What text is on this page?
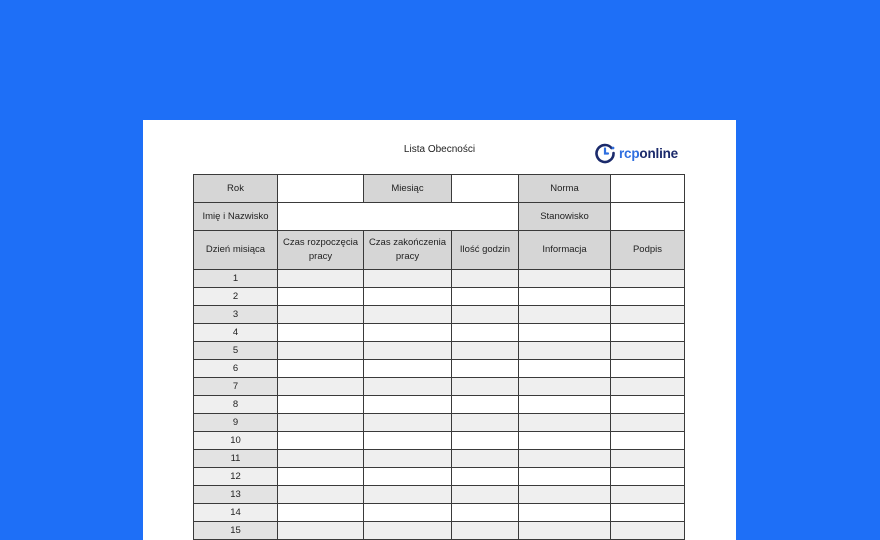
Lista Obecności	rcponline
Rok		Miesiąc		Norma	
Imię i Nazwisko				Stanowisko	
Dzień misiąca	Czas rozpoczęcia pracy	Czas zakończenia pracy	Ilość godzin	Informacja	Podpis
1					
2					
3					
4					
5					
6					
7					
8					
9					
10					
11					
12					
13					
14					
15					
